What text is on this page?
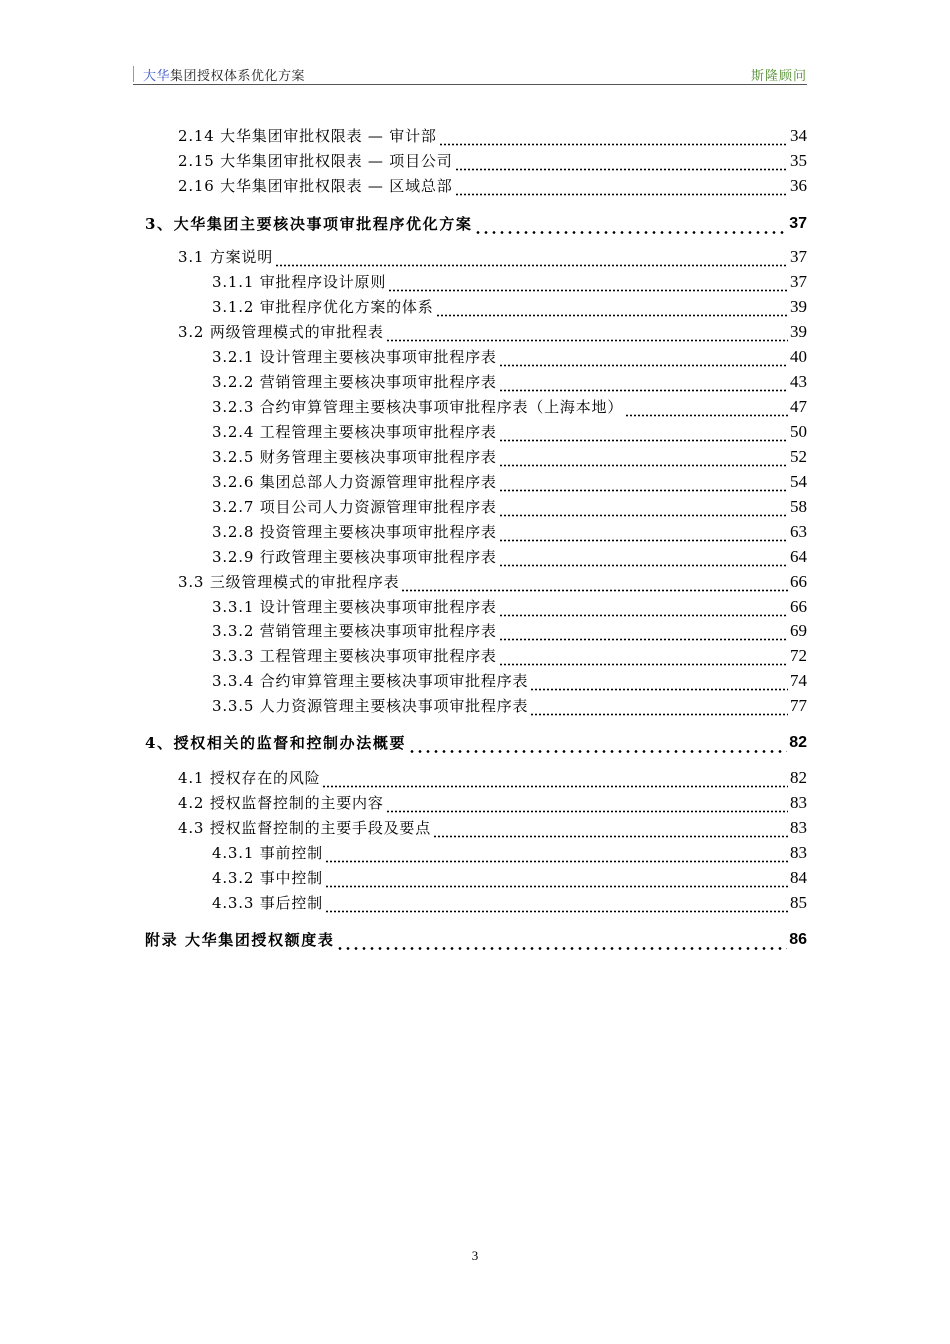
大华集团授权体系优化方案	斯隆顾问
2.14 大华集团审批权限表 — 审计部	34
2.15 大华集团审批权限表 — 项目公司	35
2.16 大华集团审批权限表 — 区域总部	36
3、大华集团主要核决事项审批程序优化方案	37
3.1 方案说明	37
3.1.1 审批程序设计原则	37
3.1.2 审批程序优化方案的体系	39
3.2 两级管理模式的审批程表	39
3.2.1 设计管理主要核决事项审批程序表	40
3.2.2 营销管理主要核决事项审批程序表	43
3.2.3 合约审算管理主要核决事项审批程序表（上海本地）	47
3.2.4 工程管理主要核决事项审批程序表	50
3.2.5 财务管理主要核决事项审批程序表	52
3.2.6 集团总部人力资源管理审批程序表	54
3.2.7 项目公司人力资源管理审批程序表	58
3.2.8 投资管理主要核决事项审批程序表	63
3.2.9 行政管理主要核决事项审批程序表	64
3.3 三级管理模式的审批程序表	66
3.3.1 设计管理主要核决事项审批程序表	66
3.3.2 营销管理主要核决事项审批程序表	69
3.3.3 工程管理主要核决事项审批程序表	72
3.3.4 合约审算管理主要核决事项审批程序表	74
3.3.5 人力资源管理主要核决事项审批程序表	77
4、授权相关的监督和控制办法概要	82
4.1 授权存在的风险	82
4.2 授权监督控制的主要内容	83
4.3 授权监督控制的主要手段及要点	83
4.3.1 事前控制	83
4.3.2 事中控制	84
4.3.3 事后控制	85
附录 大华集团授权额度表	86
3
